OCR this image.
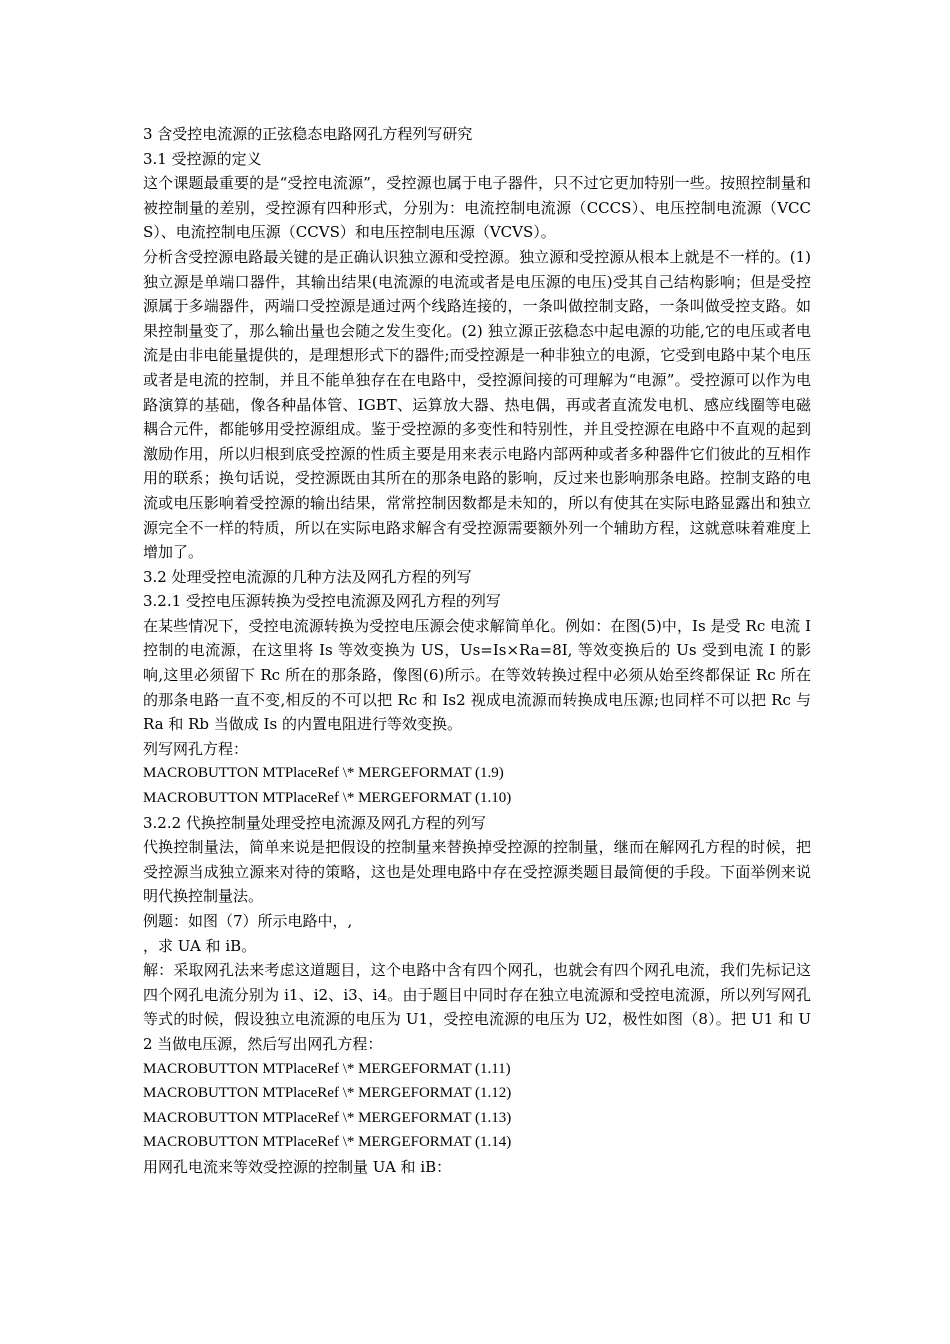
3 含受控电流源的正弦稳态电路网孔方程列写研究

3.1 受控源的定义

这个课题最重要的是“受控电流源”，受控源也属于电子器件，只不过它更加特别一些。按照控制量和被控制量的差别，受控源有四种形式，分别为：电流控制电流源（CCCS）、电压控制电流源（VCCS）、电流控制电压源（CCVS）和电压控制电压源（VCVS）。

分析含受控源电路最关键的是正确认识独立源和受控源。独立源和受控源从根本上就是不一样的。(1) 独立源是单端口器件，其输出结果(电流源的电流或者是电压源的电压)受其自己结构影响；但是受控源属于多端器件，两端口受控源是通过两个线路连接的，一条叫做控制支路，一条叫做受控支路。如果控制量变了，那么输出量也会随之发生变化。(2) 独立源正弦稳态中起电源的功能,它的电压或者电流是由非电能量提供的，是理想形式下的器件;而受控源是一种非独立的电源，它受到电路中某个电压或者是电流的控制，并且不能单独存在在电路中，受控源间接的可理解为“电源”。受控源可以作为电路演算的基础，像各种晶体管、IGBT、运算放大器、热电偶，再或者直流发电机、感应线圈等电磁耦合元件，都能够用受控源组成。鉴于受控源的多变性和特别性，并且受控源在电路中不直观的起到激励作用，所以归根到底受控源的性质主要是用来表示电路内部两种或者多种器件它们彼此的互相作用的联系；换句话说，受控源既由其所在的那条电路的影响，反过来也影响那条电路。控制支路的电流或电压影响着受控源的输出结果，常常控制因数都是未知的，所以有使其在实际电路显露出和独立源完全不一样的特质，所以在实际电路求解含有受控源需要额外列一个辅助方程，这就意味着难度上增加了。

3.2 处理受控电流源的几种方法及网孔方程的列写

3.2.1 受控电压源转换为受控电流源及网孔方程的列写

在某些情况下，受控电流源转换为受控电压源会使求解简单化。例如：在图(5)中，Is 是受 Rc 电流 I 控制的电流源，在这里将 Is 等效变换为 US，Us=Is×Ra=8I, 等效变换后的 Us 受到电流 I 的影响,这里必须留下 Rc 所在的那条路，像图(6)所示。在等效转换过程中必须从始至终都保证 Rc 所在的那条电路一直不变,相反的不可以把 Rc 和 Is2 视成电流源而转换成电压源;也同样不可以把 Rc 与 Ra 和 Rb 当做成 Is 的内置电阻进行等效变换。

列写网孔方程：

MACROBUTTON MTPlaceRef \* MERGEFORMAT (1.9)

MACROBUTTON MTPlaceRef \* MERGEFORMAT (1.10)

3.2.2 代换控制量处理受控电流源及网孔方程的列写

代换控制量法，简单来说是把假设的控制量来替换掉受控源的控制量，继而在解网孔方程的时候，把受控源当成独立源来对待的策略，这也是处理电路中存在受控源类题目最简便的手段。下面举例来说明代换控制量法。

例题：如图（7）所示电路中，,

，求 UA 和 iB。

解：采取网孔法来考虑这道题目，这个电路中含有四个网孔，也就会有四个网孔电流，我们先标记这四个网孔电流分别为 i1、i2、i3、i4。由于题目中同时存在独立电流源和受控电流源，所以列写网孔等式的时候，假设独立电流源的电压为 U1，受控电流源的电压为 U2，极性如图（8）。把 U1 和 U2 当做电压源，然后写出网孔方程：

MACROBUTTON MTPlaceRef \* MERGEFORMAT (1.11)

MACROBUTTON MTPlaceRef \* MERGEFORMAT (1.12)

MACROBUTTON MTPlaceRef \* MERGEFORMAT (1.13)

MACROBUTTON MTPlaceRef \* MERGEFORMAT (1.14)

用网孔电流来等效受控源的控制量 UA 和 iB：
